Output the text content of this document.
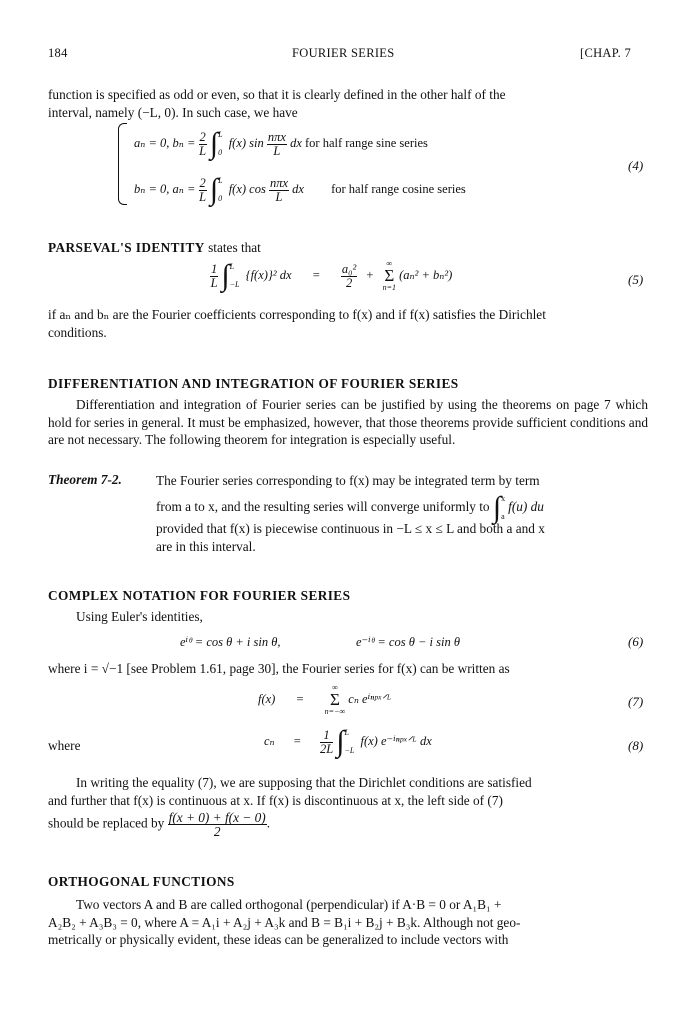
184	FOURIER SERIES	[CHAP. 7
function is specified as odd or even, so that it is clearly defined in the other half of the
interval, namely (−L, 0). In such case, we have
aₙ = 0, $b_n = \frac{2}{L}$ ∫ L
0
f(x) $\sin \frac{\text{nπx}}{L}$ dx for half range sine series
(4)
bₙ = 0, $a_n = \frac{2}{L}$ ∫ L
0
f(x) $\cos \frac{\text{nπx}}{L}$ dx for half range cosine series
PARSEVAL'S IDENTITY states that
$\frac{1}{L}$ ∫ L
−L
{f(x)}² dx = $\frac{\text{a₀²}}{2}$ + ∞
Σ
n=1 (aₙ² + bₙ²)	(5)
if aₙ and bₙ are the Fourier coefficients corresponding to f(x) and if f(x) satisfies the Dirichlet
conditions.
DIFFERENTIATION AND INTEGRATION OF FOURIER SERIES
Differentiation and integration of Fourier series can be justified by using the theorems on page 7 which hold for series in general. It must be emphasized, however, that those theorems provide sufficient conditions and are not necessary. The following theorem for integration is especially useful.
Theorem 7-2.	The Fourier series corresponding to f(x) may be integrated term by term
from a to x, and the resulting series will converge uniformly to ∫ x
a
f(u) du
provided that f(x) is piecewise continuous in −L ≤ x ≤ L and both a and x
are in this interval.
COMPLEX NOTATION FOR FOURIER SERIES
Using Euler's identities,
eⁱᶿ = cos θ + i sin θ,	e⁻ⁱᶿ = cos θ − i sin θ	(6)
where i = √−1 [see Problem 1.61, page 30], the Fourier series for f(x) can be written as
f(x) = ∞
Σ
n=−∞ cₙ eⁱⁿᵖˣᐟᴸ	(7)
where	$c_n = \frac{1}{2L}$ ∫ L
−L
f(x) e⁻ⁱⁿᵖˣᐟᴸ dx	(8)
In writing the equality (7), we are supposing that the Dirichlet conditions are satisfied
and further that f(x) is continuous at x. If f(x) is discontinuous at x, the left side of (7)
should be replaced by $\frac{f(x + 0) + f(x - 0)}{2}$ .
ORTHOGONAL FUNCTIONS
Two vectors A and B are called orthogonal (perpendicular) if A·B = 0 or A₁B₁ +
A₂B₂ + A₃B₃ = 0, where A = A₁i + A₂j + A₃k and B = B₁i + B₂j + B₃k. Although not geo-
metrically or physically evident, these ideas can be generalized to include vectors with
